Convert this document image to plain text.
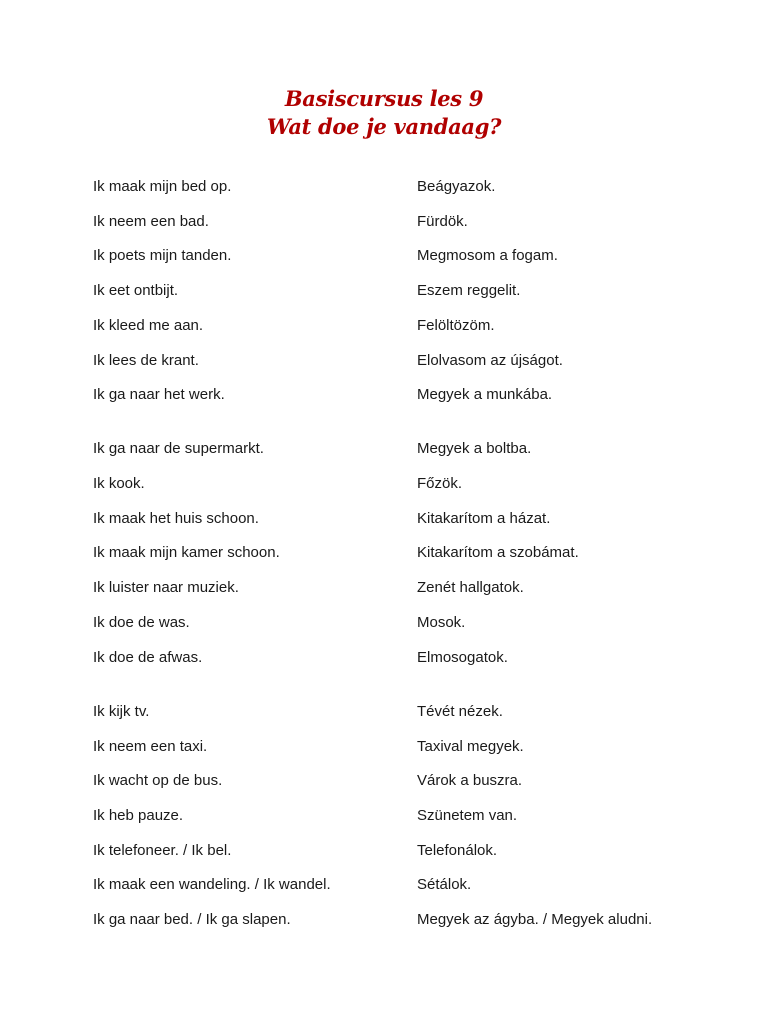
Basiscursus les 9
Wat doe je vandaag?
Ik maak mijn bed op.	Beágyazok.
Ik neem een bad.	Fürdök.
Ik poets mijn tanden.	Megmosom a fogam.
Ik eet ontbijt.	Eszem reggelit.
Ik kleed me aan.	Felöltözöm.
Ik lees de krant.	Elolvasom az újságot.
Ik ga naar het werk.	Megyek a munkába.
Ik ga naar de supermarkt.	Megyek a boltba.
Ik kook.	Főzök.
Ik maak het huis schoon.	Kitakarítom a házat.
Ik maak mijn kamer schoon.	Kitakarítom a szobámat.
Ik luister naar muziek.	Zenét hallgatok.
Ik doe de was.	Mosok.
Ik doe de afwas.	Elmosogatok.
Ik kijk tv.	Tévét nézek.
Ik neem een taxi.	Taxival megyek.
Ik wacht op de bus.	Várok a buszra.
Ik heb pauze.	Szünetem van.
Ik telefoneer. / Ik bel.	Telefonálok.
Ik maak een wandeling. / Ik wandel.	Sétálok.
Ik ga naar bed. / Ik ga slapen.	Megyek az ágyba. / Megyek aludni.
